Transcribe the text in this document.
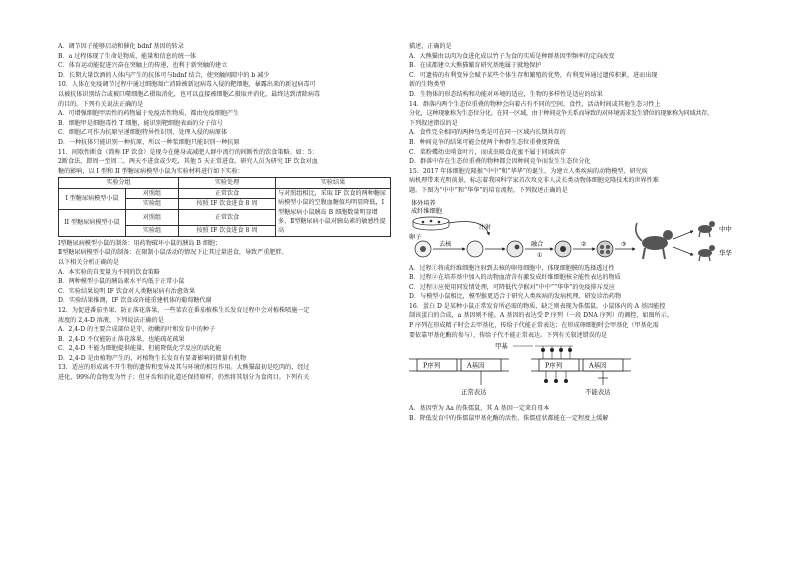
A．调节因子能够启动和催化 bdnf 基因的转录

B．a 过程体现了生命是物质、能量和信息的统一体

C．体育运动能促进兴奋在突触上的传递，也利于新突触的建立

D．长期大量饮酒的人体内产生的抗体可与bdnf 结合，使突触间隙中的 b 减少

10．人体在免疫调节过程中通过细胞凋亡消除被新冠病毒入侵的靶细胞，暴露出来的新冠病毒可

以被抗体识别结合或被巨噬细胞乙摄取消化，也可以直接被细胞乙摄取并消化，最终达到清除病毒

的目的。下列有关说法正确的是

A．可增强细胞甲活性的药物属于免疫活性物质，都由免疫细胞产生

B．细胞甲是细胞毒性 T 细胞，能识别靶细胞表面的分子信号

C．细胞乙可作为抗原呈递细胞特异性识别、处理入侵的病原体

D．一种抗体只能识别一种抗原，所以一种浆细胞只能识别一种抗原

11．间歇性断食（简称 IF 饮食）是现今在健身或减肥人群中流行的间断性的饮食策略。如：5：

2断食法，即周一至周二，两天不进食或少吃，其他 5 天正常进食。研究人员为研究 IF 饮食对血

糖的影响，以 I 型和 II 型糖尿病模型小鼠为实验材料进行如下实验：

实验分组		实验处理	实验结果
I 型糖尿病模型小鼠	对照组	正常饮食	与对照组相比，采取 IF 饮食的两种糖尿病模型小鼠的空腹血糖值均明显降低，I 型糖尿病小鼠胰岛 B 细胞数量明显增多，Ⅱ型糖尿病小鼠对胰岛素的敏感性提高
	实验组	按照 IF 饮食进食 8 周	
II 型糖尿病模型小鼠	对照组	正常饮食	
	实验组	按照 IF 饮食进食 8 周	

Ⅰ型糖尿病模型小鼠的制备：用药物破坏小鼠的胰岛 B 细胞；

Ⅱ型糖尿病模型小鼠的制备：在限制小鼠活动的情况下让其过量进食，导致严重肥胖。

以下相关分析正确的是

A．本实验的自变量为不同的饮食策略

B．两种模型小鼠的胰岛素水平均低于正常小鼠

C．实验结果说明 IF 饮食对人类糖尿病有治愈效果

D．实验结果推测，IF 饮食或许能重建机体的葡萄糖代谢

12．为促进番茄坐果、防止落花落果，一些菜农在番茄植株生长发育过程中会对植株喷施一定

浓度的 2,4-D 溶液，下列说法正确的是

A．2,4-D 的主要合成部位是芽、幼嫩的叶和发育中的种子

B．2,4-D 不仅能防止落花落果，也能疏花疏果

C．2,4-D 不能为细胞提供能量，但能降低化学反应的活化能

D．2,4-D 是由植物产生的，对植物生长发育有显著影响的微量有机物

13．适应的形成离不开生物的遗传和变异及其与环境的相互作用。大熊猫最初是吃肉的，经过

进化，99%的食物变为竹子；但牙齿和消化道还保持原样，仍然将其划分为食肉目。下列有关

描述，正确的是

A．大熊猫由以肉为食进化成以竹子为食的实质是种群基因型频率的定向改变

B．在成都建立大熊猫繁育研究基地属于就地保护

C．可遗传的有利变异会赋予某些个体生存和繁殖的优势，有利变异通过遗传积累，进而出现

新的生物类型

D．生物体的形态结构和功能对环境的适应，生物的多样性是适应的结果

14．群落内两个生态位重叠的物种会向着占有不同的空间、食性、活动时间或其他生态习性上

分化，这种现象称为生态位分化。在同一区域，由于种间竞争关系而导致的对环境需求发生错位的现象称为同域共存。

下列叙述错误的是

A．食性完全相同的两种鸟类是可在同一区域内长期共存的

B．种间竞争的结果可能会使两个种群生态位重叠度降低

C．菜粉蝶幼虫啃食叶片，而成虫吸食花蜜不属于同域共存

D．群落中存在生态位重叠的物种都会因种间竞争而发生生态位分化

15．2017 年体细胞克隆猴“中中”和“华华”的诞生，为建立人类疾病的动物模型、研究疾

病机理带来光明前景，标志着我国科学家首次攻克非人灵长类动物体细胞克隆技术的世界性难

题。下图为“中中”和“华华”的培育流程，下列叙述正确的是

体外培养
成纤维细胞
注射
卵子
去核	融合
①
②	③
中中
华华

A．过程①将成纤维细胞注射到去核的卵母细胞中，体现细胞膜的选择透过性

B．过程②在培养基中加入的动物血清含有激发成纤维细胞核全能性表达的物质

C．过程③应使用同发情处理，可降低代孕猴对“中中”“华华”的免疫排斥反应

D．与模型小鼠相比，模型猴更适合于研究人类疾病的发病机理、研发诊治药物

16．蛋白 D 是某种小鼠正常发育所必需的物质，缺乏则表现为侏儒鼠。小鼠体内的 A 基因能控

制该蛋白的合成，a 基因则不能。A 基因的表达受 P 序列（一段 DNA 序列）的调控，如图所示。

P 序列在形成精子时会去甲基化，传给子代能正常表达；在形成卵细胞时会甲基化（甲基化需

要依靠甲基化酶的参与），传给子代不能正常表达。下列有关叙述错误的是

甲基
P序列	A基因
正常表达
P序列	A基因
不能表达

A．基因型为 Aa 的侏儒鼠，其 A 基因一定来自母本

B．降低发育中的侏儒鼠甲基化酶的活性，侏儒症状都能在一定程度上缓解
